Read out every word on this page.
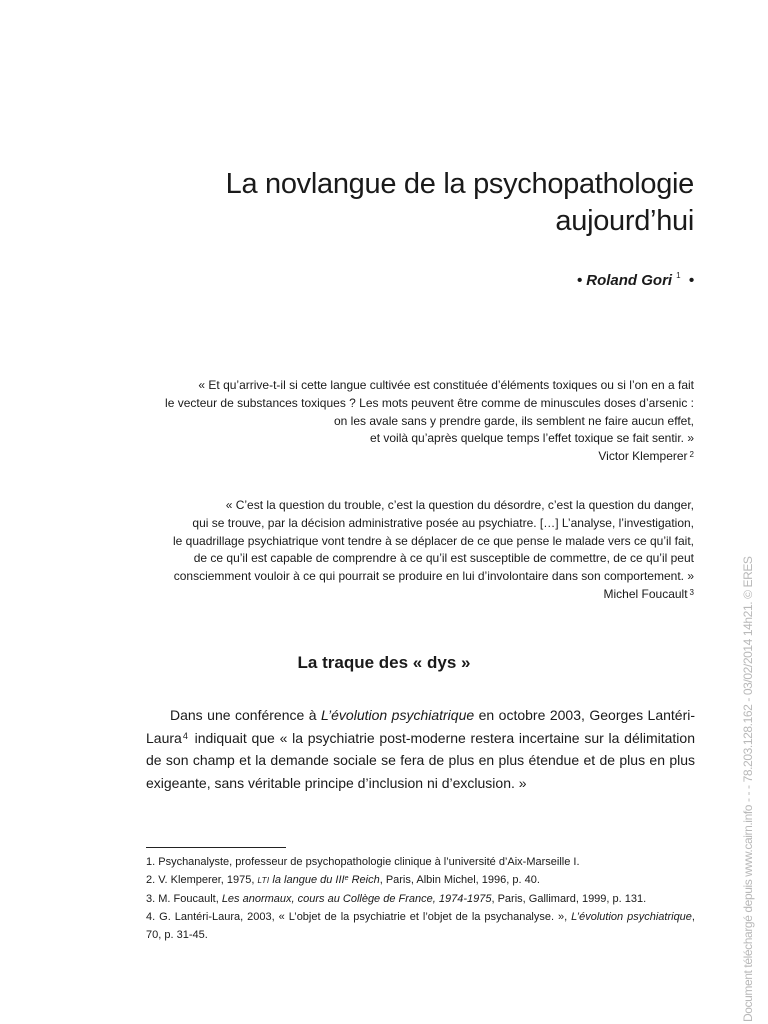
La novlangue de la psychopathologie
aujourd’hui
• Roland Gori $^1$ •
« Et qu’arrive-t-il si cette langue cultivée est constituée d’éléments toxiques ou si l’on en a fait
le vecteur de substances toxiques ? Les mots peuvent être comme de minuscules doses d’arsenic :
on les avale sans y prendre garde, ils semblent ne faire aucun effet,
et voilà qu’après quelque temps l’effet toxique se fait sentir. »
Victor Klemperer $^2$
« C’est la question du trouble, c’est la question du désordre, c’est la question du danger,
qui se trouve, par la décision administrative posée au psychiatre. […] L’analyse, l’investigation,
le quadrillage psychiatrique vont tendre à se déplacer de ce que pense le malade vers ce qu’il fait,
de ce qu’il est capable de comprendre à ce qu’il est susceptible de commettre, de ce qu’il peut
consciemment vouloir à ce qui pourrait se produire en lui d’involontaire dans son comportement. »
Michel Foucault $^3$
La traque des « dys »

Dans une conférence à L’évolution psychiatrique en octobre 2003, Georges Lantéri-Laura$^4$ indiquait que « la psychiatrie post-moderne restera incertaine sur la délimitation de son champ et la demande sociale se fera de plus en plus étendue et de plus en plus exigeante, sans véritable principe d’inclusion ni d’exclusion. »

1. Psychanalyste, professeur de psychopathologie clinique à l’université d’Aix-Marseille I.

2. V. Klemperer, 1975, LTI la langue du IIIe Reich, Paris, Albin Michel, 1996, p. 40.

3. M. Foucault, Les anormaux, cours au Collège de France, 1974-1975, Paris, Gallimard, 1999, p. 131.

4. G. Lantéri-Laura, 2003, « L’objet de la psychiatrie et l’objet de la psychanalyse. », L’évolution psychiatrique, 70, p. 31-45.	Document téléchargé depuis www.cairn.info - - - 78.203.128.162 - 03/02/2014 14h21. © ERES
